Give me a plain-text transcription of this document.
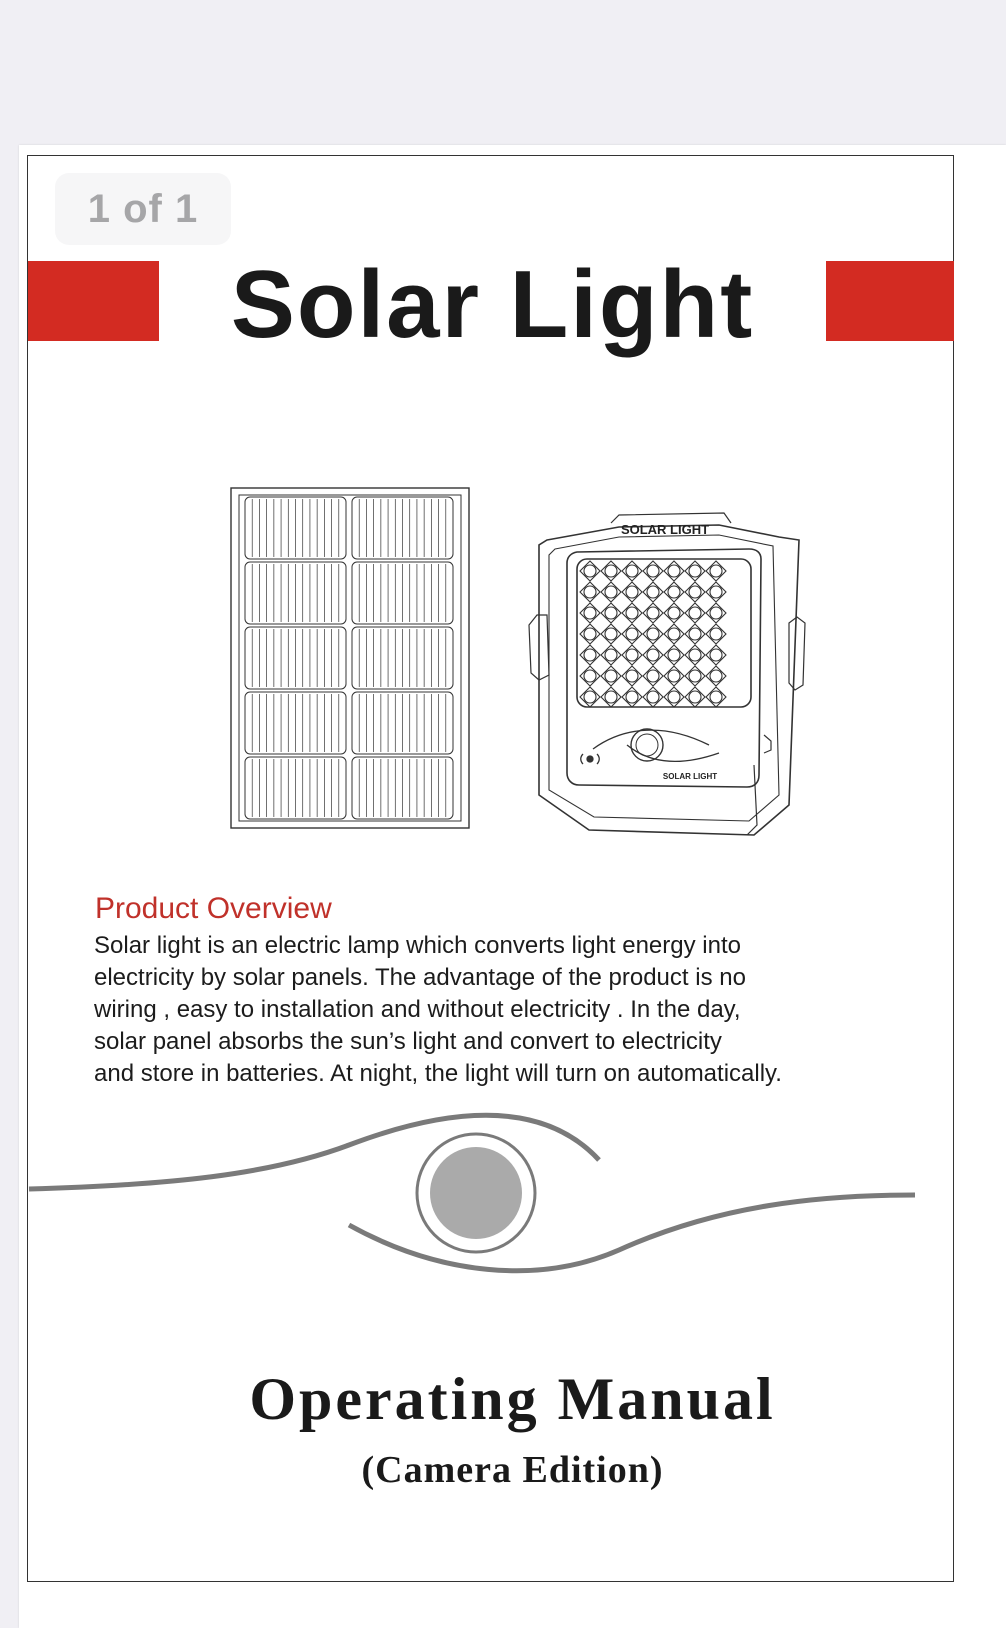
Solar Light
SOLAR LIGHT
SOLAR LIGHT
Product Overview
Solar light is an electric lamp which converts light energy into
electricity by solar panels. The advantage of the product is no
wiring , easy to installation and without electricity . In the day,
solar panel absorbs the sun’s light and convert to electricity
and store in batteries. At night, the light will turn on automatically.
Operating Manual
(Camera Edition)
1 of 1
